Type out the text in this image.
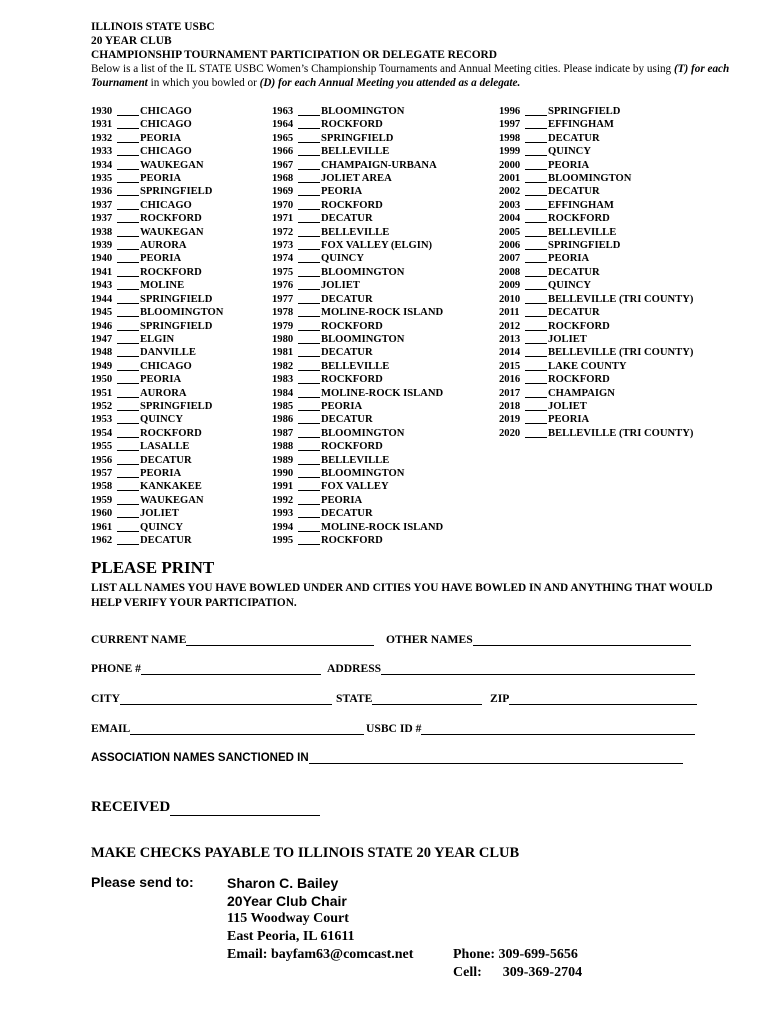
ILLINOIS STATE USBC
20 YEAR CLUB
CHAMPIONSHIP TOURNAMENT PARTICIPATION OR DELEGATE RECORD
Below is a list of the IL STATE USBC Women’s Championship Tournaments and Annual Meeting cities. Please indicate by using (T) for each Tournament in which you bowled or (D) for each Annual Meeting you attended as a delegate.
1930	CHICAGO
1931	CHICAGO
1932	PEORIA
1933	CHICAGO
1934	WAUKEGAN
1935	PEORIA
1936	SPRINGFIELD
1937	CHICAGO
1937	ROCKFORD
1938	WAUKEGAN
1939	AURORA
1940	PEORIA
1941	ROCKFORD
1943	MOLINE
1944	SPRINGFIELD
1945	BLOOMINGTON
1946	SPRINGFIELD
1947	ELGIN
1948	DANVILLE
1949	CHICAGO
1950	PEORIA
1951	AURORA
1952	SPRINGFIELD
1953	QUINCY
1954	ROCKFORD
1955	LASALLE
1956	DECATUR
1957	PEORIA
1958	KANKAKEE
1959	WAUKEGAN
1960	JOLIET
1961	QUINCY
1962	DECATUR
1963	BLOOMINGTON
1964	ROCKFORD
1965	SPRINGFIELD
1966	BELLEVILLE
1967	CHAMPAIGN-URBANA
1968	JOLIET AREA
1969	PEORIA
1970	ROCKFORD
1971	DECATUR
1972	BELLEVILLE
1973	FOX VALLEY (ELGIN)
1974	QUINCY
1975	BLOOMINGTON
1976	JOLIET
1977	DECATUR
1978	MOLINE-ROCK ISLAND
1979	ROCKFORD
1980	BLOOMINGTON
1981	DECATUR
1982	BELLEVILLE
1983	ROCKFORD
1984	MOLINE-ROCK ISLAND
1985	PEORIA
1986	DECATUR
1987	BLOOMINGTON
1988	ROCKFORD
1989	BELLEVILLE
1990	BLOOMINGTON
1991	FOX VALLEY
1992	PEORIA
1993	DECATUR
1994	MOLINE-ROCK ISLAND
1995	ROCKFORD
1996	SPRINGFIELD
1997	EFFINGHAM
1998	DECATUR
1999	QUINCY
2000	PEORIA
2001	BLOOMINGTON
2002	DECATUR
2003	EFFINGHAM
2004	ROCKFORD
2005	BELLEVILLE
2006	SPRINGFIELD
2007	PEORIA
2008	DECATUR
2009	QUINCY
2010	BELLEVILLE (TRI COUNTY)
2011	DECATUR
2012	ROCKFORD
2013	JOLIET
2014	BELLEVILLE (TRI COUNTY)
2015	LAKE COUNTY
2016	ROCKFORD
2017	CHAMPAIGN
2018	JOLIET
2019	PEORIA
2020	BELLEVILLE (TRI COUNTY)
PLEASE PRINT
LIST ALL NAMES YOU HAVE BOWLED UNDER AND CITIES YOU HAVE BOWLED IN AND ANYTHING THAT WOULD HELP VERIFY YOUR PARTICIPATION.
CURRENT NAME	OTHER NAMES
PHONE #	ADDRESS
CITY	STATE	ZIP
EMAIL	USBC ID #
ASSOCIATION NAMES SANCTIONED IN
RECEIVED
MAKE CHECKS PAYABLE TO ILLINOIS STATE 20 YEAR CLUB
Please send to: Sharon C. Bailey
20Year Club Chair
115 Woodway Court
East Peoria, IL 61611
Email: bayfam63@comcast.net	Phone: 309-699-5656
Cell: 309-369-2704
